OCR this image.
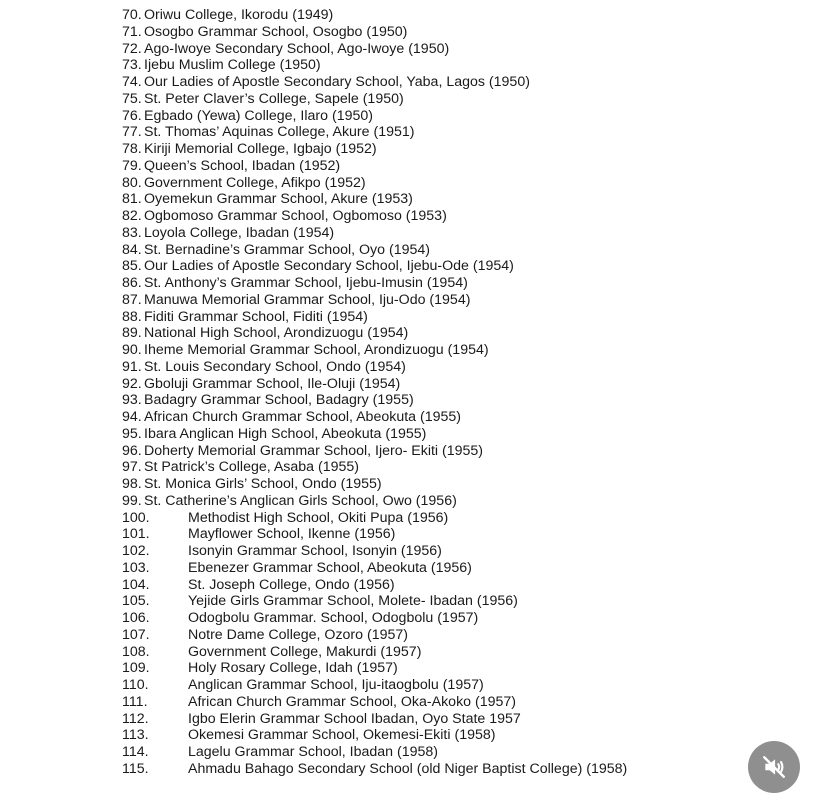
70. Oriwu College, Ikorodu (1949)
71. Osogbo Grammar School, Osogbo (1950)
72. Ago-Iwoye Secondary School, Ago-Iwoye (1950)
73. Ijebu Muslim College (1950)
74. Our Ladies of Apostle Secondary School, Yaba, Lagos (1950)
75. St. Peter Claver’s College, Sapele (1950)
76. Egbado (Yewa) College, Ilaro (1950)
77. St. Thomas’ Aquinas College, Akure (1951)
78. Kiriji Memorial College, Igbajo (1952)
79. Queen’s School, Ibadan (1952)
80. Government College, Afikpo (1952)
81. Oyemekun Grammar School, Akure (1953)
82. Ogbomoso Grammar School, Ogbomoso (1953)
83. Loyola College, Ibadan (1954)
84. St. Bernadine’s Grammar School, Oyo (1954)
85. Our Ladies of Apostle Secondary School, Ijebu-Ode (1954)
86. St. Anthony’s Grammar School, Ijebu-Imusin (1954)
87. Manuwa Memorial Grammar School, Iju-Odo (1954)
88. Fiditi Grammar School, Fiditi (1954)
89. National High School, Arondizuogu (1954)
90. Iheme Memorial Grammar School, Arondizuogu (1954)
91. St. Louis Secondary School, Ondo (1954)
92. Gboluji Grammar School, Ile-Oluji (1954)
93. Badagry Grammar School, Badagry (1955)
94. African Church Grammar School, Abeokuta (1955)
95. Ibara Anglican High School, Abeokuta (1955)
96. Doherty Memorial Grammar School, Ijero- Ekiti (1955)
97. St Patrick’s College, Asaba (1955)
98. St. Monica Girls’ School, Ondo (1955)
99. St. Catherine’s Anglican Girls School, Owo (1956)
100.	Methodist High School, Okiti Pupa (1956)
101.	Mayflower School, Ikenne (1956)
102.	Isonyin Grammar School, Isonyin (1956)
103.	Ebenezer Grammar School, Abeokuta (1956)
104.	St. Joseph College, Ondo (1956)
105.	Yejide Girls Grammar School, Molete- Ibadan (1956)
106.	Odogbolu Grammar. School, Odogbolu (1957)
107.	Notre Dame College, Ozoro (1957)
108.	Government College, Makurdi (1957)
109.	Holy Rosary College, Idah (1957)
110.	Anglican Grammar School, Iju-itaogbolu (1957)
111.	African Church Grammar School, Oka-Akoko (1957)
112.	Igbo Elerin Grammar School Ibadan, Oyo State 1957
113.	Okemesi Grammar School, Okemesi-Ekiti (1958)
114.	Lagelu Grammar School, Ibadan (1958)
115.	Ahmadu Bahago Secondary School (old Niger Baptist College) (1958)
